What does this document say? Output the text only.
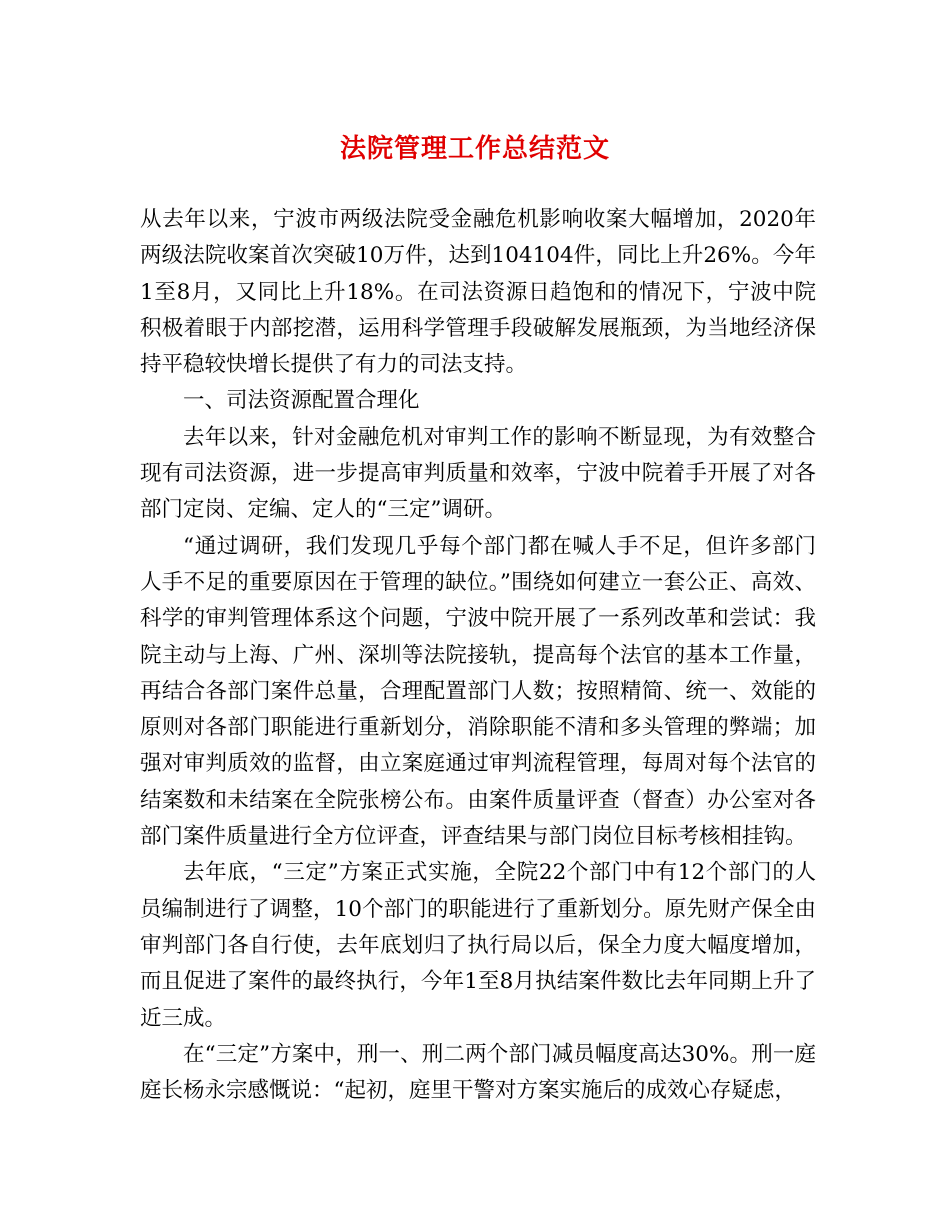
法院管理工作总结范文

从去年以来，宁波市两级法院受金融危机影响收案大幅增加，2020年两级法院收案首次突破10万件，达到104104件，同比上升26%。今年1至8月，又同比上升18%。在司法资源日趋饱和的情况下，宁波中院积极着眼于内部挖潜，运用科学管理手段破解发展瓶颈，为当地经济保持平稳较快增长提供了有力的司法支持。

一、司法资源配置合理化

去年以来，针对金融危机对审判工作的影响不断显现，为有效整合现有司法资源，进一步提高审判质量和效率，宁波中院着手开展了对各部门定岗、定编、定人的“三定”调研。

“通过调研，我们发现几乎每个部门都在喊人手不足，但许多部门人手不足的重要原因在于管理的缺位。”围绕如何建立一套公正、高效、科学的审判管理体系这个问题，宁波中院开展了一系列改革和尝试：我院主动与上海、广州、深圳等法院接轨，提高每个法官的基本工作量，再结合各部门案件总量，合理配置部门人数；按照精简、统一、效能的原则对各部门职能进行重新划分，消除职能不清和多头管理的弊端；加强对审判质效的监督，由立案庭通过审判流程管理，每周对每个法官的结案数和未结案在全院张榜公布。由案件质量评查（督查）办公室对各部门案件质量进行全方位评查，评查结果与部门岗位目标考核相挂钩。

去年底，“三定”方案正式实施，全院22个部门中有12个部门的人员编制进行了调整，10个部门的职能进行了重新划分。原先财产保全由审判部门各自行使，去年底划归了执行局以后，保全力度大幅度增加，而且促进了案件的最终执行，今年1至8月执结案件数比去年同期上升了近三成。

在“三定”方案中，刑一、刑二两个部门减员幅度高达30%。刑一庭庭长杨永宗感慨说：“起初，庭里干警对方案实施后的成效心存疑虑，
